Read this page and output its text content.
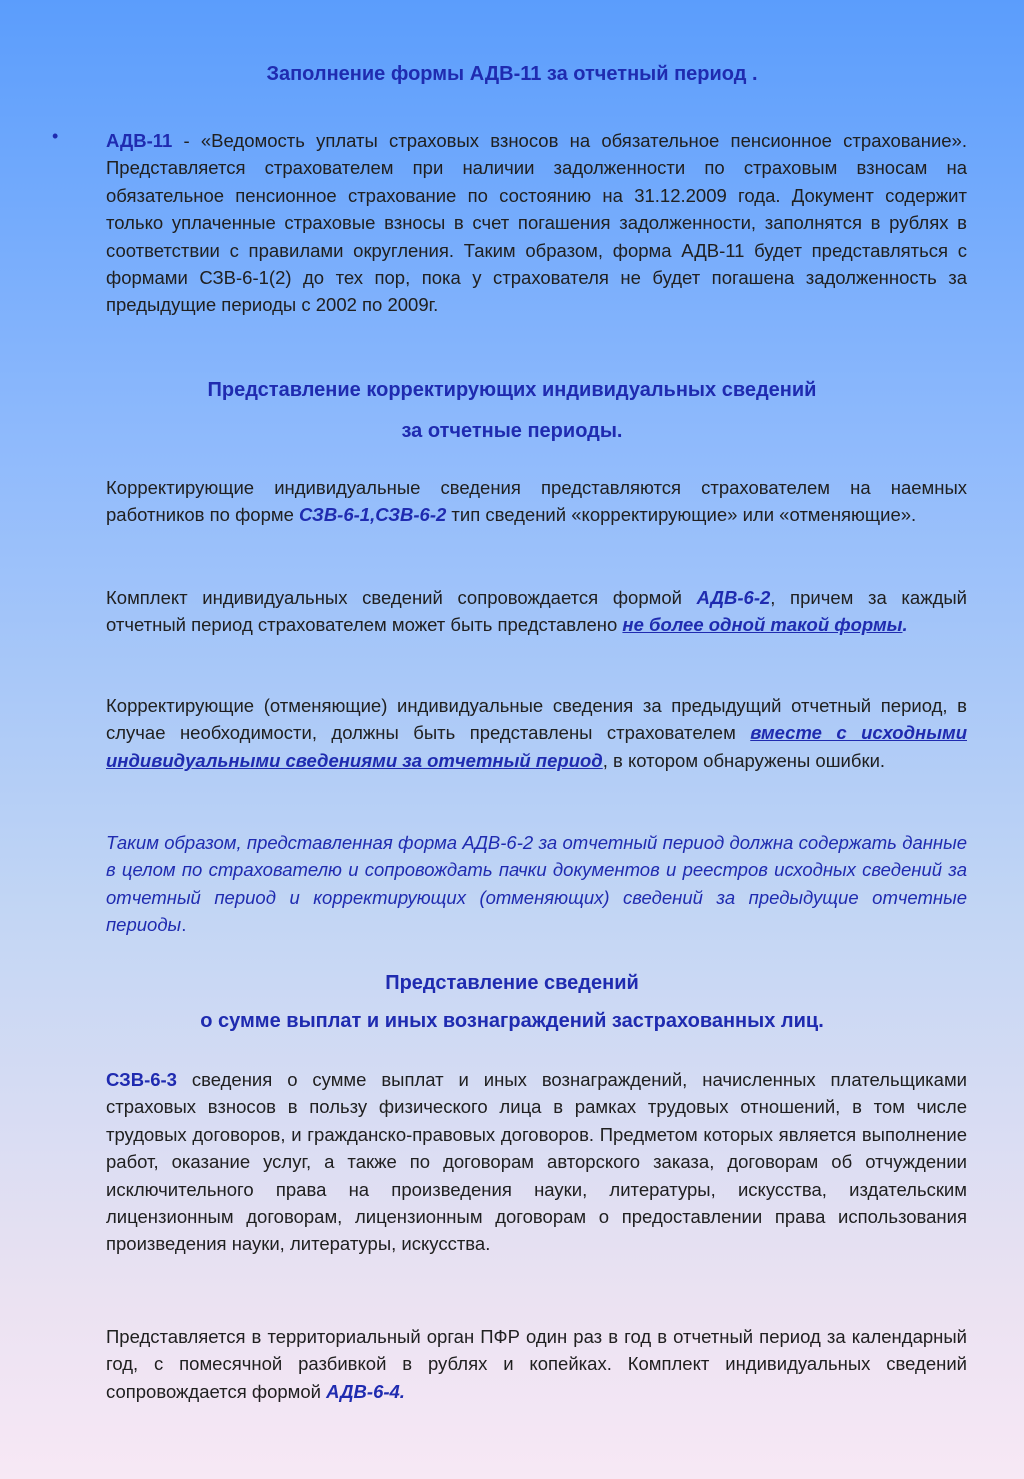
Заполнение формы АДВ-11 за отчетный период .
•	АДВ-11 - «Ведомость уплаты страховых взносов на обязательное пенсионное страхование». Представляется страхователем при наличии задолженности по страховым взносам на обязательное пенсионное страхование по состоянию на 31.12.2009 года. Документ содержит только уплаченные страховые взносы в счет погашения задолженности, заполнятся в рублях в соответствии с правилами округления. Таким образом, форма АДВ-11 будет представляться с формами СЗВ-6-1(2) до тех пор, пока у страхователя не будет погашена задолженность за предыдущие периоды с 2002 по 2009г.

Представление корректирующих индивидуальных сведений
за отчетные периоды.

Корректирующие индивидуальные сведения представляются страхователем на наемных работников по форме СЗВ-6-1,СЗВ-6-2 тип сведений «корректирующие» или «отменяющие».

Комплект индивидуальных сведений сопровождается формой АДВ-6-2, причем за каждый отчетный период страхователем может быть представлено не более одной такой формы.

Корректирующие (отменяющие) индивидуальные сведения за предыдущий отчетный период, в случае необходимости, должны быть представлены страхователем вместе с исходными индивидуальными сведениями за отчетный период, в котором обнаружены ошибки.

Таким образом, представленная форма АДВ-6-2 за отчетный период должна содержать данные в целом по страхователю и сопровождать пачки документов и реестров исходных сведений за отчетный период и корректирующих (отменяющих) сведений за предыдущие отчетные периоды.

Представление сведений
о сумме выплат и иных вознаграждений застрахованных лиц.

СЗВ-6-3 сведения о сумме выплат и иных вознаграждений, начисленных плательщиками страховых взносов в пользу физического лица в рамках трудовых отношений, в том числе трудовых договоров, и гражданско-правовых договоров. Предметом которых является выполнение работ, оказание услуг, а также по договорам авторского заказа, договорам об отчуждении исключительного права на произведения науки, литературы, искусства, издательским лицензионным договорам, лицензионным договорам о предоставлении права использования произведения науки, литературы, искусства.

Представляется в территориальный орган ПФР один раз в год в отчетный период за календарный год, с помесячной разбивкой в рублях и копейках. Комплект индивидуальных сведений сопровождается формой АДВ-6-4.
